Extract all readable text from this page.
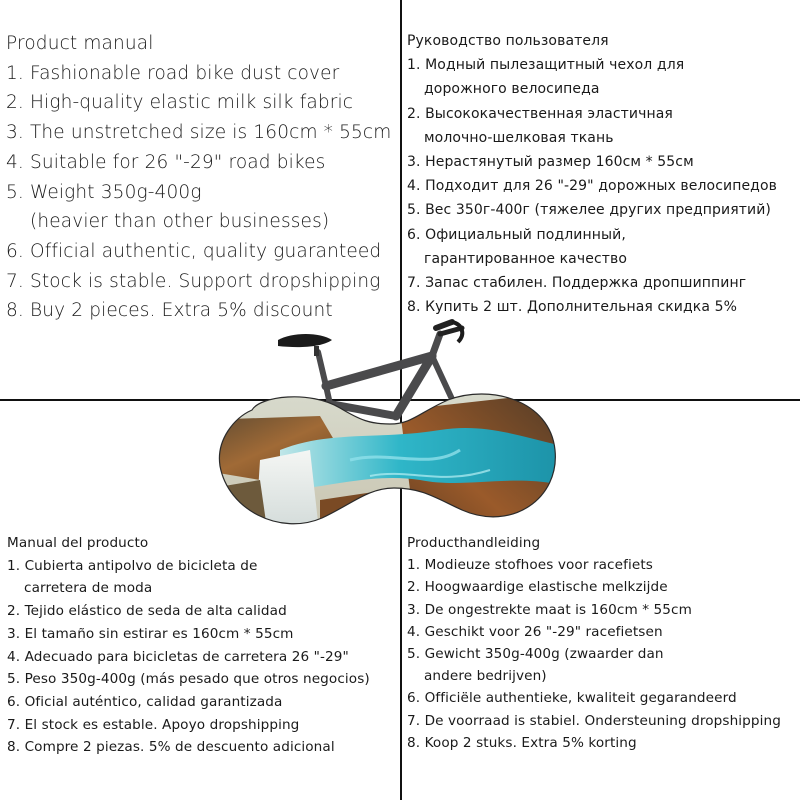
Product manual
1. Fashionable road bike dust cover
2. High-quality elastic milk silk fabric
3. The unstretched size is 160cm * 55cm
4. Suitable for 26 "-29" road bikes
5. Weight 350g-400g
(heavier than other businesses)
6. Official authentic, quality guaranteed
7. Stock is stable. Support dropshipping
8. Buy 2 pieces. Extra 5% discount
Руководство пользователя
1. Модный пылезащитный чехол для
дорожного велосипеда
2. Высококачественная эластичная
молочно-шелковая ткань
3. Нерастянутый размер 160см * 55см
4. Подходит для 26 "-29" дорожных велосипедов
5. Вес 350г-400г (тяжелее других предприятий)
6. Официальный подлинный,
гарантированное качество
7. Запас стабилен. Поддержка дропшиппинг
8. Купить 2 шт. Дополнительная скидка 5%
Manual del producto
1. Cubierta antipolvo de bicicleta de
carretera de moda
2. Tejido elástico de seda de alta calidad
3. El tamaño sin estirar es 160cm * 55cm
4. Adecuado para bicicletas de carretera 26 "-29"
5. Peso 350g-400g (más pesado que otros negocios)
6. Oficial auténtico, calidad garantizada
7. El stock es estable. Apoyo dropshipping
8. Compre 2 piezas. 5% de descuento adicional
Producthandleiding
1. Modieuze stofhoes voor racefiets
2. Hoogwaardige elastische melkzijde
3. De ongestrekte maat is 160cm * 55cm
4. Geschikt voor 26 "-29" racefietsen
5. Gewicht 350g-400g (zwaarder dan
andere bedrijven)
6. Officiële authentieke, kwaliteit gegarandeerd
7. De voorraad is stabiel. Ondersteuning dropshipping
8. Koop 2 stuks. Extra 5% korting
